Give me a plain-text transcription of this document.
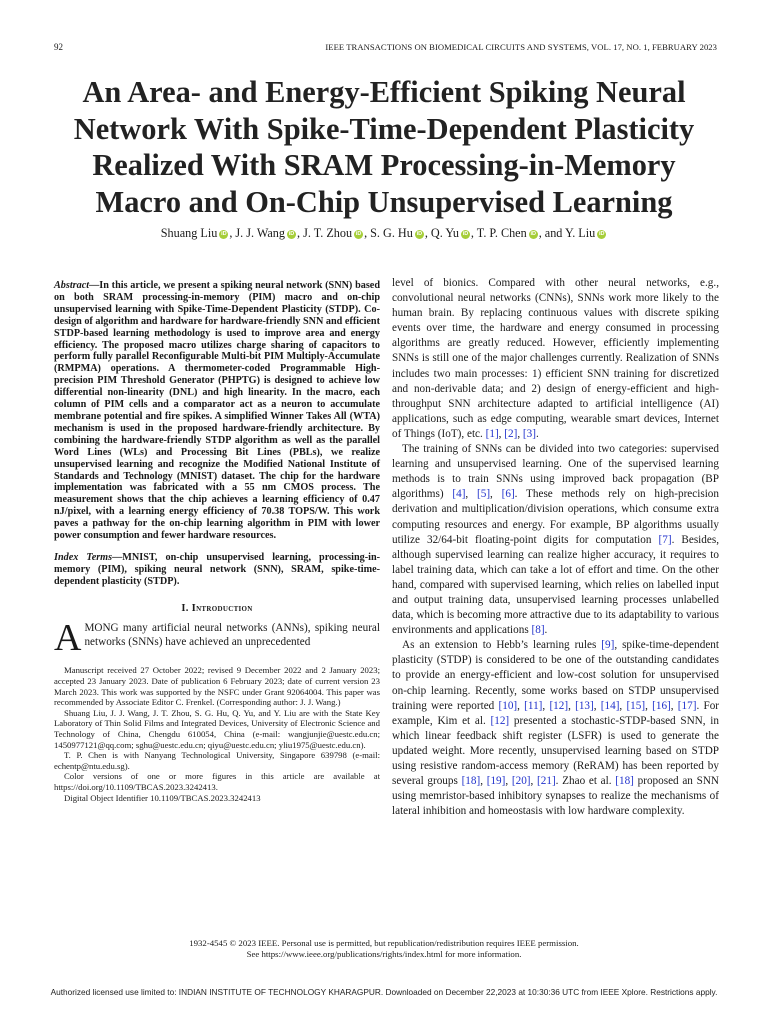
92	IEEE TRANSACTIONS ON BIOMEDICAL CIRCUITS AND SYSTEMS, VOL. 17, NO. 1, FEBRUARY 2023
An Area- and Energy-Efficient Spiking Neural
Network With Spike-Time-Dependent Plasticity
Realized With SRAM Processing-in-Memory
Macro and On-Chip Unsupervised Learning
Shuang Liu iD , J. J. Wang iD , J. T. Zhou iD , S. G. Hu iD , Q. Yu iD , T. P. Chen iD , and Y. Liu iD

Abstract—In this article, we present a spiking neural network (SNN) based on both SRAM processing-in-memory (PIM) macro and on-chip unsupervised learning with Spike-Time-Dependent Plasticity (STDP). Co-design of algorithm and hardware for hardware-friendly SNN and efficient STDP-based learning methodology is used to improve area and energy efficiency. The proposed macro utilizes charge sharing of capacitors to perform fully parallel Reconfigurable Multi-bit PIM Multiply-Accumulate (RMPMA) operations. A thermometer-coded Programmable High-precision PIM Threshold Generator (PHPTG) is designed to achieve low differential non-linearity (DNL) and high linearity. In the macro, each column of PIM cells and a comparator act as a neuron to accumulate membrane potential and fire spikes. A simplified Winner Takes All (WTA) mechanism is used in the proposed hardware-friendly architecture. By combining the hardware-friendly STDP algorithm as well as the parallel Word Lines (WLs) and Processing Bit Lines (PBLs), we realize unsupervised learning and recognize the Modified National Institute of Standards and Technology (MNIST) dataset. The chip for the hardware implementation was fabricated with a 55 nm CMOS process. The measurement shows that the chip achieves a learning efficiency of 0.47 nJ/pixel, with a learning energy efficiency of 70.38 TOPS/W. This work paves a pathway for the on-chip learning algorithm in PIM with lower power consumption and fewer hardware resources.

Index Terms—MNIST, on-chip unsupervised learning, processing-in-memory (PIM), spiking neural network (SNN), SRAM, spike-time-dependent plasticity (STDP).

I. Introduction

AMONG many artificial neural networks (ANNs), spiking neural networks (SNNs) have achieved an unprecedented

Manuscript received 27 October 2022; revised 9 December 2022 and 2 January 2023; accepted 23 January 2023. Date of publication 6 February 2023; date of current version 23 March 2023. This work was supported by the NSFC under Grant 92064004. This paper was recommended by Associate Editor C. Frenkel. (Corresponding author: J. J. Wang.)

Shuang Liu, J. J. Wang, J. T. Zhou, S. G. Hu, Q. Yu, and Y. Liu are with the State Key Laboratory of Thin Solid Films and Integrated Devices, University of Electronic Science and Technology of China, Chengdu 610054, China (e-mail: wangjunjie@uestc.edu.cn; 1450977121@qq.com; sghu@uestc.edu.cn; qiyu@uestc.edu.cn; yliu1975@uestc.edu.cn).

T. P. Chen is with Nanyang Technological University, Singapore 639798 (e-mail: echentp@ntu.edu.sg).

Color versions of one or more figures in this article are available at https://doi.org/10.1109/TBCAS.2023.3242413.

Digital Object Identifier 10.1109/TBCAS.2023.3242413

level of bionics. Compared with other neural networks, e.g., convolutional neural networks (CNNs), SNNs work more likely to the human brain. By replacing continuous values with discrete spiking events over time, the hardware and energy consumed in processing algorithms are greatly reduced. However, efficiently implementing SNNs is still one of the major challenges currently. Realization of SNNs includes two main processes: 1) efficient SNN training for discretized and non-derivable data; and 2) design of energy-efficient and high-throughput SNN architecture adapted to artificial intelligence (AI) applications, such as edge computing, wearable smart devices, Internet of Things (IoT), etc. [1], [2], [3].

The training of SNNs can be divided into two categories: supervised learning and unsupervised learning. One of the supervised learning methods is to train SNNs using improved back propagation (BP algorithms) [4], [5], [6]. These methods rely on high-precision derivation and multiplication/division operations, which consume extra computing resources and energy. For example, BP algorithms usually utilize 32/64-bit floating-point digits for computation [7]. Besides, although supervised learning can realize higher accuracy, it requires to label training data, which can take a lot of effort and time. On the other hand, compared with supervised learning, which relies on labelled input and output training data, unsupervised learning processes unlabelled data, which is becoming more attractive due to its adaptability to various environments and applications [8].

As an extension to Hebb’s learning rules [9], spike-time-dependent plasticity (STDP) is considered to be one of the outstanding candidates to provide an energy-efficient and low-cost solution for unsupervised on-chip learning. Recently, some works based on STDP unsupervised training were reported [10], [11], [12], [13], [14], [15], [16], [17]. For example, Kim et al. [12] presented a stochastic-STDP-based SNN, in which linear feedback shift register (LSFR) is used to generate the updated weight. More recently, unsupervised learning based on STDP using resistive random-access memory (ReRAM) has been reported by several groups [18], [19], [20], [21]. Zhao et al. [18] proposed an SNN using memristor-based inhibitory synapses to realize the mechanisms of lateral inhibition and homeostasis with low hardware complexity.

1932-4545 © 2023 IEEE. Personal use is permitted, but republication/redistribution requires IEEE permission.
See https://www.ieee.org/publications/rights/index.html for more information.
Authorized licensed use limited to: INDIAN INSTITUTE OF TECHNOLOGY KHARAGPUR. Downloaded on December 22,2023 at 10:30:36 UTC from IEEE Xplore. Restrictions apply.
